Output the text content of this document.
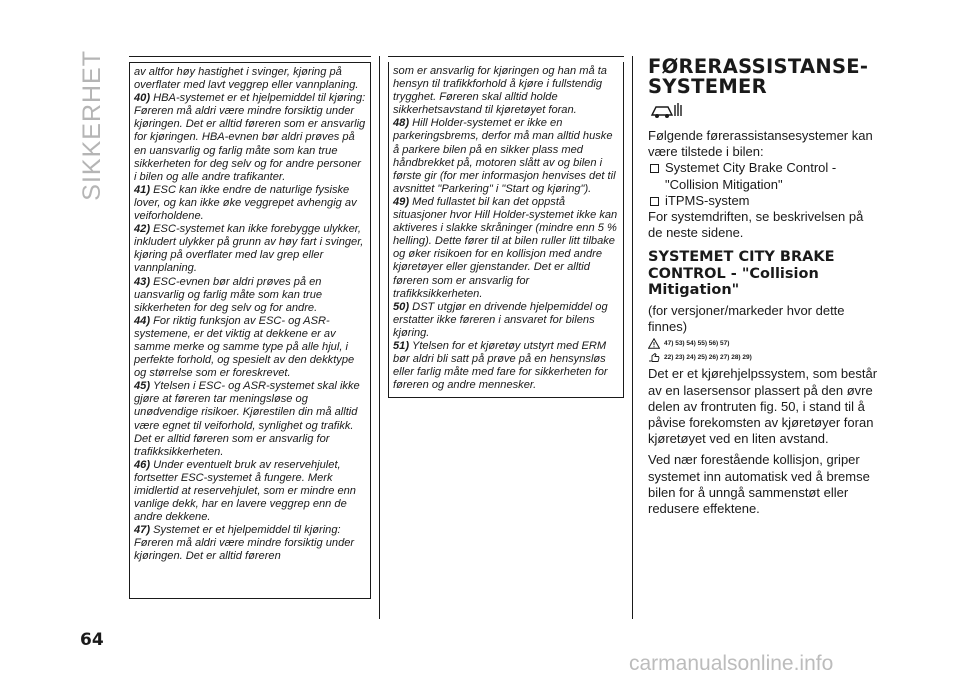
SIKKERHET	av altfor høy hastighet i svinger, kjøring på overflater med lavt veggrep eller vannplaning.

40) HBA-systemet er et hjelpemiddel til kjøring: Føreren må aldri være mindre forsiktig under kjøringen. Det er alltid føreren som er ansvarlig for kjøringen. HBA-evnen bør aldri prøves på en uansvarlig og farlig måte som kan true sikkerheten for deg selv og for andre personer i bilen og alle andre trafikanter.

41) ESC kan ikke endre de naturlige fysiske lover, og kan ikke øke veggrepet avhengig av veiforholdene.

42) ESC-systemet kan ikke forebygge ulykker, inkludert ulykker på grunn av høy fart i svinger, kjøring på overflater med lav grep eller vannplaning.

43) ESC-evnen bør aldri prøves på en uansvarlig og farlig måte som kan true sikkerheten for deg selv og for andre.

44) For riktig funksjon av ESC- og ASR-systemene, er det viktig at dekkene er av samme merke og samme type på alle hjul, i perfekte forhold, og spesielt av den dekktype og størrelse som er foreskrevet.

45) Ytelsen i ESC- og ASR-systemet skal ikke gjøre at føreren tar meningsløse og unødvendige risikoer. Kjørestilen din må alltid være egnet til veiforhold, synlighet og trafikk. Det er alltid føreren som er ansvarlig for trafikksikkerheten.

46) Under eventuelt bruk av reservehjulet, fortsetter ESC-systemet å fungere. Merk imidlertid at reservehjulet, som er mindre enn vanlige dekk, har en lavere veggrep enn de andre dekkene.

47) Systemet er et hjelpemiddel til kjøring: Føreren må aldri være mindre forsiktig under kjøringen. Det er alltid føreren

som er ansvarlig for kjøringen og han må ta hensyn til trafikkforhold å kjøre i fullstendig trygghet. Føreren skal alltid holde sikkerhetsavstand til kjøretøyet foran.

48) Hill Holder-systemet er ikke en parkeringsbrems, derfor må man alltid huske å parkere bilen på en sikker plass med håndbrekket på, motoren slått av og bilen i første gir (for mer informasjon henvises det til avsnittet "Parkering" i "Start og kjøring").

49) Med fullastet bil kan det oppstå situasjoner hvor Hill Holder-systemet ikke kan aktiveres i slakke skråninger (mindre enn 5 % helling). Dette fører til at bilen ruller litt tilbake og øker risikoen for en kollisjon med andre kjøretøyer eller gjenstander. Det er alltid føreren som er ansvarlig for trafikksikkerheten.

50) DST utgjør en drivende hjelpemiddel og erstatter ikke føreren i ansvaret for bilens kjøring.

51) Ytelsen for et kjøretøy utstyrt med ERM bør aldri bli satt på prøve på en hensynsløs eller farlig måte med fare for sikkerheten for føreren og andre mennesker.

FØRERASSISTANSE-SYSTEMER

Følgende førerassistansesystemer kan være tilstede i bilen:

Systemet City Brake Control - "Collision Mitigation"
iTPMS-system

For systemdriften, se beskrivelsen på de neste sidene.

SYSTEMET CITY BRAKE CONTROL - "Collision Mitigation"

(for versjoner/markeder hvor dette finnes)

47) 53) 54) 55) 56) 57)
22) 23) 24) 25) 26) 27) 28) 29)

Det er et kjørehjelpssystem, som består av en lasersensor plassert på den øvre delen av frontruten fig. 50, i stand til å påvise forekomsten av kjøretøyer foran kjøretøyet ved en liten avstand.

Ved nær forestående kollisjon, griper systemet inn automatisk ved å bremse bilen for å unngå sammenstøt eller redusere effektene.

64
carmanualsonline.info
